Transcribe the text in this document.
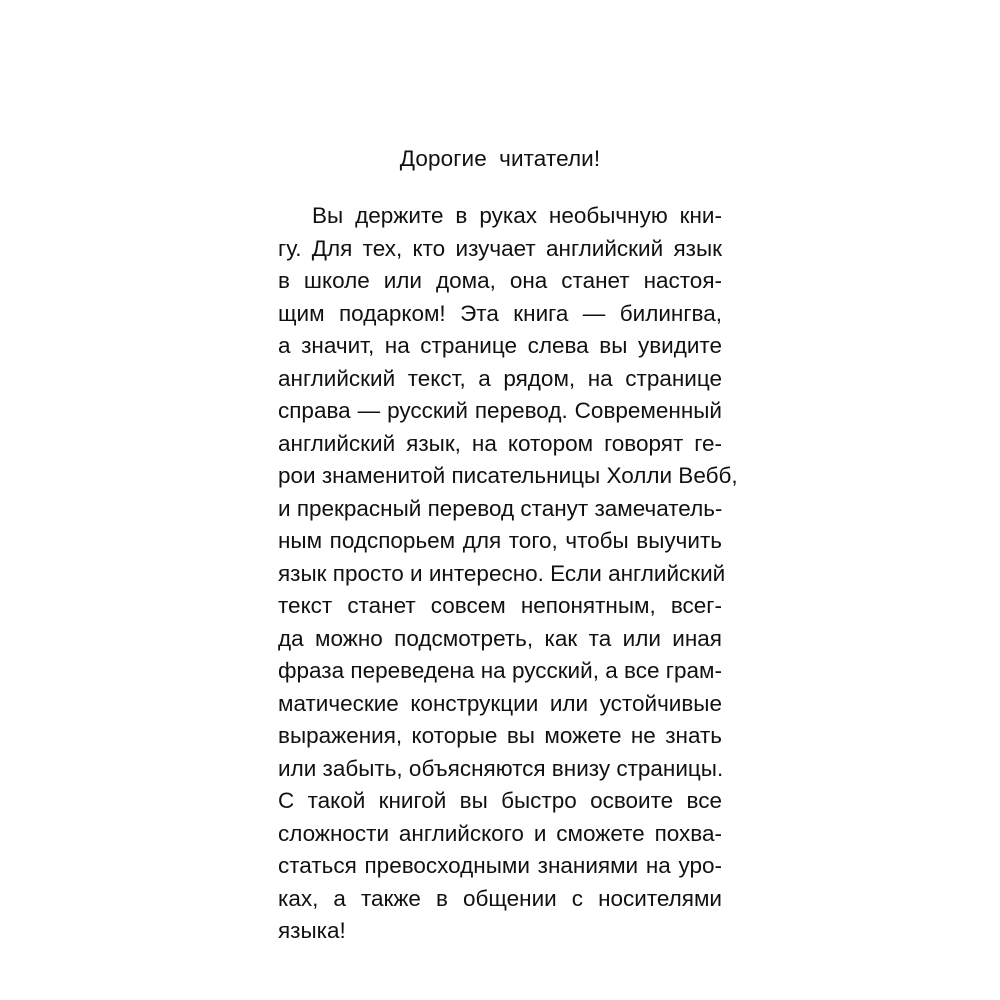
Дорогие читатели!
Вы держите в руках необычную кни-
гу. Для тех, кто изучает английский язык
в школе или дома, она станет настоя-
щим подарком! Эта книга — билингва,
а значит, на странице слева вы увидите
английский текст, а рядом, на странице
справа — русский перевод. Современный
английский язык, на котором говорят ге-
рои знаменитой писательницы Холли Вебб,
и прекрасный перевод станут замечатель-
ным подспорьем для того, чтобы выучить
язык просто и интересно. Если английский
текст станет совсем непонятным, всег-
да можно подсмотреть, как та или иная
фраза переведена на русский, а все грам-
матические конструкции или устойчивые
выражения, которые вы можете не знать
или забыть, объясняются внизу страницы.
С такой книгой вы быстро освоите все
сложности английского и сможете похва-
статься превосходными знаниями на уро-
ках, а также в общении с носителями
языка!
